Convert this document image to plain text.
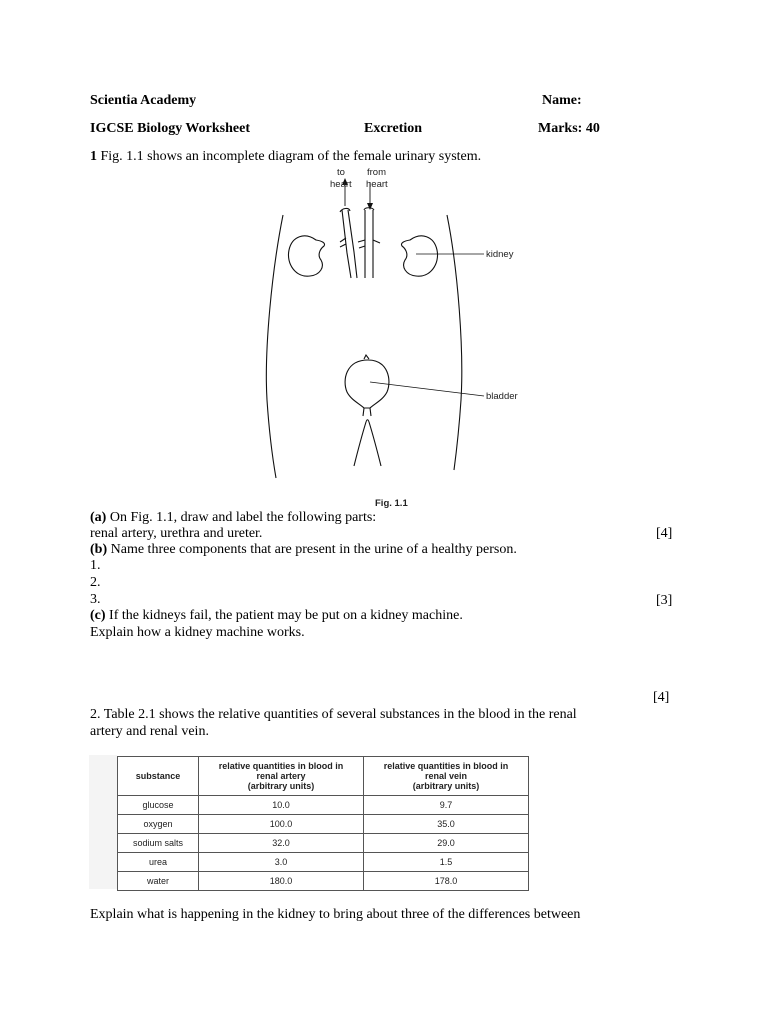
Scientia Academy	Name:
IGCSE Biology Worksheet	Excretion	Marks: 40
1 Fig. 1.1 shows an incomplete diagram of the female urinary system.
to
heart
from
heart
kidney
bladder
Fig. 1.1
(a) On Fig. 1.1, draw and label the following parts:
renal artery, urethra and ureter.	[4]
(b) Name three components that are present in the urine of a healthy person.
1.
2.
3.	[3]
(c) If the kidneys fail, the patient may be put on a kidney machine.
Explain how a kidney machine works.
[4]
2. Table 2.1 shows the relative quantities of several substances in the blood in the renal
artery and renal vein.
substance	relative quantities in blood in
renal artery
(arbitrary units)	relative quantities in blood in
renal vein
(arbitrary units)
glucose	10.0	9.7
oxygen	100.0	35.0
sodium salts	32.0	29.0
urea	3.0	1.5
water	180.0	178.0
Explain what is happening in the kidney to bring about three of the differences between
